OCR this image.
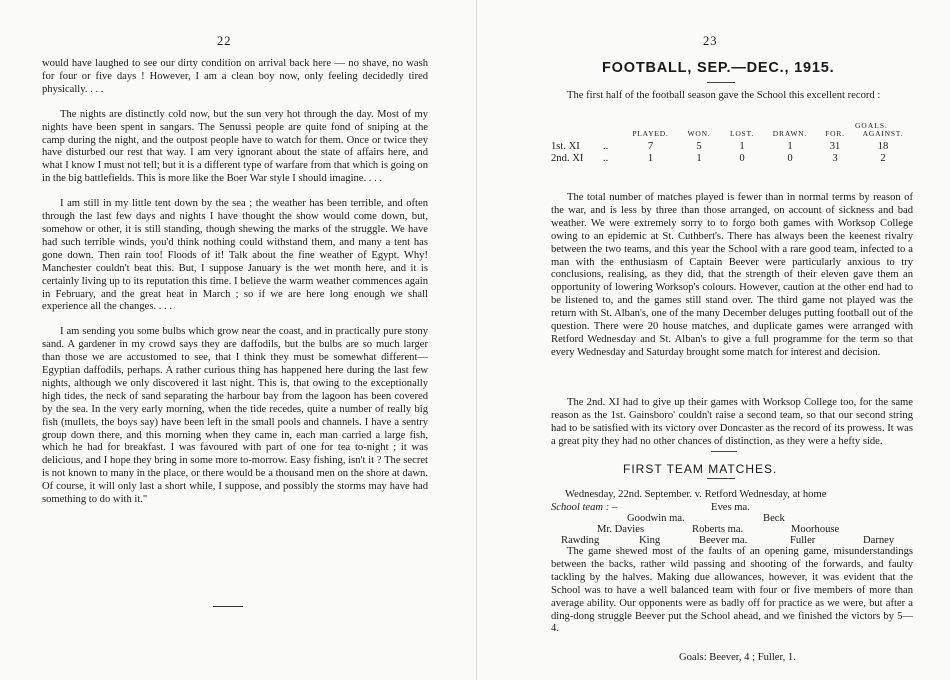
22

would have laughed to see our dirty condition on arrival back here — no shave, no wash for four or five days ! However, I am a clean boy now, only feeling decidedly tired physically. . . .

The nights are distinctly cold now, but the sun very hot through the day. Most of my nights have been spent in sangars. The Senussi people are quite fond of sniping at the camp during the night, and the outpost people have to watch for them. Once or twice they have disturbed our rest that way. I am very ignorant about the state of affairs here, and what I know I must not tell; but it is a different type of warfare from that which is going on in the big battlefields. This is more like the Boer War style I should imagine. . . .

I am still in my little tent down by the sea ; the weather has been terrible, and often through the last few days and nights I have thought the show would come down, but, somehow or other, it is still standing, though shewing the marks of the struggle. We have had such terrible winds, you'd think nothing could withstand them, and many a tent has gone down. Then rain too! Floods of it! Talk about the fine weather of Egypt. Why! Manchester couldn't beat this. But, I suppose January is the wet month here, and it is certainly living up to its reputation this time. I believe the warm weather commences again in February, and the great heat in March ; so if we are here long enough we shall experience all the changes. . . .

I am sending you some bulbs which grow near the coast, and in practically pure stony sand. A gardener in my crowd says they are daffodils, but the bulbs are so much larger than those we are accustomed to see, that I think they must be somewhat different—Egyptian daffodils, perhaps. A rather curious thing has happened here during the last few nights, although we only discovered it last night. This is, that owing to the exceptionally high tides, the neck of sand separating the harbour bay from the lagoon has been covered by the sea. In the very early morning, when the tide recedes, quite a number of really big fish (mullets, the boys say) have been left in the small pools and channels. I have a sentry group down there, and this morning when they came in, each man carried a large fish, which he had for breakfast. I was favoured with part of one for tea to-night ; it was delicious, and I hope they bring in some more to-morrow. Easy fishing, isn't it ? The secret is not known to many in the place, or there would be a thousand men on the shore at dawn. Of course, it will only last a short while, I suppose, and possibly the storms may have had something to do with it."

23
FOOTBALL, SEP.—DEC., 1915.

The first half of the football season gave the School this excellent record :

GOALS.
		PLAYED.	WON.	LOST.	DRAWN.	FOR.	AGAINST.
1st. XI	..	7	5	1	1	31	18
2nd. XI	..	1	1	0	0	3	2

The total number of matches played is fewer than in normal terms by reason of the war, and is less by three than those arranged, on account of sickness and bad weather. We were extremely sorry to to forgo both games with Worksop College owing to an epidemic at St. Cuthbert's. There has always been the keenest rivalry between the two teams, and this year the School with a rare good team, infected to a man with the enthusiasm of Captain Beever were particularly anxious to try conclusions, realising, as they did, that the strength of their eleven gave them an opportunity of lowering Worksop's colours. However, caution at the other end had to be listened to, and the games still stand over. The third game not played was the return with St. Alban's, one of the many December deluges putting football out of the question. There were 20 house matches, and duplicate games were arranged with Retford Wednesday and St. Alban's to give a full programme for the term so that every Wednesday and Saturday brought some match for interest and decision.

The 2nd. XI had to give up their games with Worksop College too, for the same reason as the 1st. Gainsboro' couldn't raise a second team, so that our second string had to be satisfied with its victory over Doncaster as the record of its prowess. It was a great pity they had no other chances of distinction, as they were a hefty side.

FIRST TEAM MATCHES.
Wednesday, 22nd. September. v. Retford Wednesday, at home
School team : –	Eves ma.
Goodwin ma.	Beck
Mr. Davies	Roberts ma.	Moorhouse
Rawding	King	Beever ma.	Fuller	Darney

The game shewed most of the faults of an opening game, misunderstandings between the backs, rather wild passing and shooting of the forwards, and faulty tackling by the halves. Making due allowances, however, it was evident that the School was to have a well balanced team with four or five members of more than average ability. Our opponents were as badly off for practice as we were, but after a ding-dong struggle Beever put the School ahead, and we finished the victors by 5—4.

Goals: Beever, 4 ; Fuller, 1.
